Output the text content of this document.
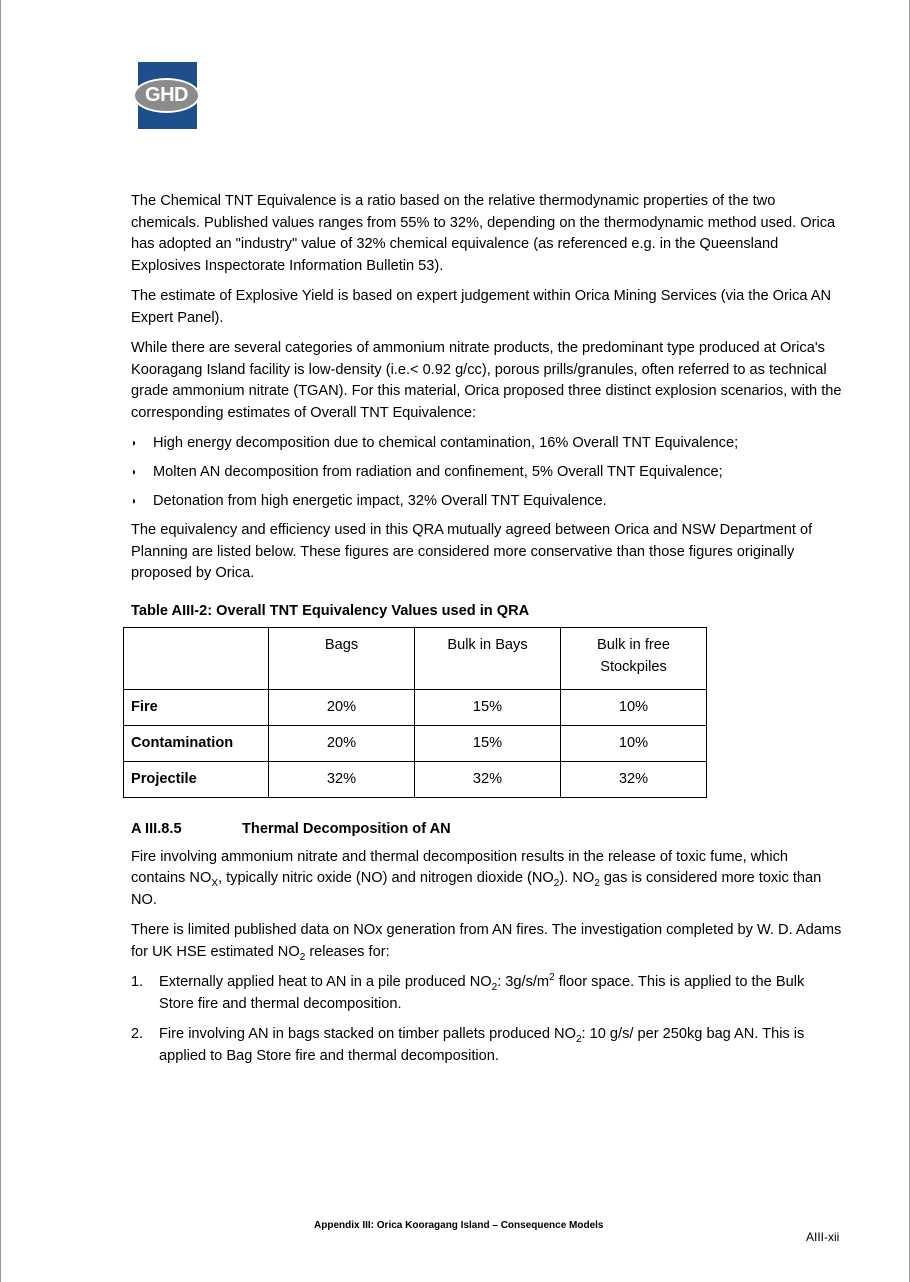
GHD

The Chemical TNT Equivalence is a ratio based on the relative thermodynamic properties of the two chemicals. Published values ranges from 55% to 32%, depending on the thermodynamic method used. Orica has adopted an "industry" value of 32% chemical equivalence (as referenced e.g. in the Queensland Explosives Inspectorate Information Bulletin 53).

The estimate of Explosive Yield is based on expert judgement within Orica Mining Services (via the Orica AN Expert Panel).

While there are several categories of ammonium nitrate products, the predominant type produced at Orica's Kooragang Island facility is low-density (i.e.< 0.92 g/cc), porous prills/granules, often referred to as technical grade ammonium nitrate (TGAN). For this material, Orica proposed three distinct explosion scenarios, with the corresponding estimates of Overall TNT Equivalence:

◗ High energy decomposition due to chemical contamination, 16% Overall TNT Equivalence;
◗ Molten AN decomposition from radiation and confinement, 5% Overall TNT Equivalence;
◗ Detonation from high energetic impact, 32% Overall TNT Equivalence.

The equivalency and efficiency used in this QRA mutually agreed between Orica and NSW Department of Planning are listed below. These figures are considered more conservative than those figures originally proposed by Orica.

Table AIII-2: Overall TNT Equivalency Values used in QRA
	Bags	Bulk in Bays	Bulk in free Stockpiles
Fire	20%	15%	10%
Contamination	20%	15%	10%
Projectile	32%	32%	32%
A III.8.5	Thermal Decomposition of AN

Fire involving ammonium nitrate and thermal decomposition results in the release of toxic fume, which contains $NO_X$, typically nitric oxide (NO) and nitrogen dioxide $(NO_2)$. $NO_2$ gas is considered more toxic than NO.

There is limited published data on NOx generation from AN fires. The investigation completed by W. D. Adams for UK HSE estimated $NO_2$ releases for:

1. Externally applied heat to AN in a pile produced $NO_2$: $3g/s/m^2$ floor space. This is applied to the Bulk Store fire and thermal decomposition.
2. Fire involving AN in bags stacked on timber pallets produced $NO_2$: 10 g/s/ per 250kg bag AN. This is applied to Bag Store fire and thermal decomposition.
Appendix III: Orica Kooragang Island – Consequence Models
AIII-xii
